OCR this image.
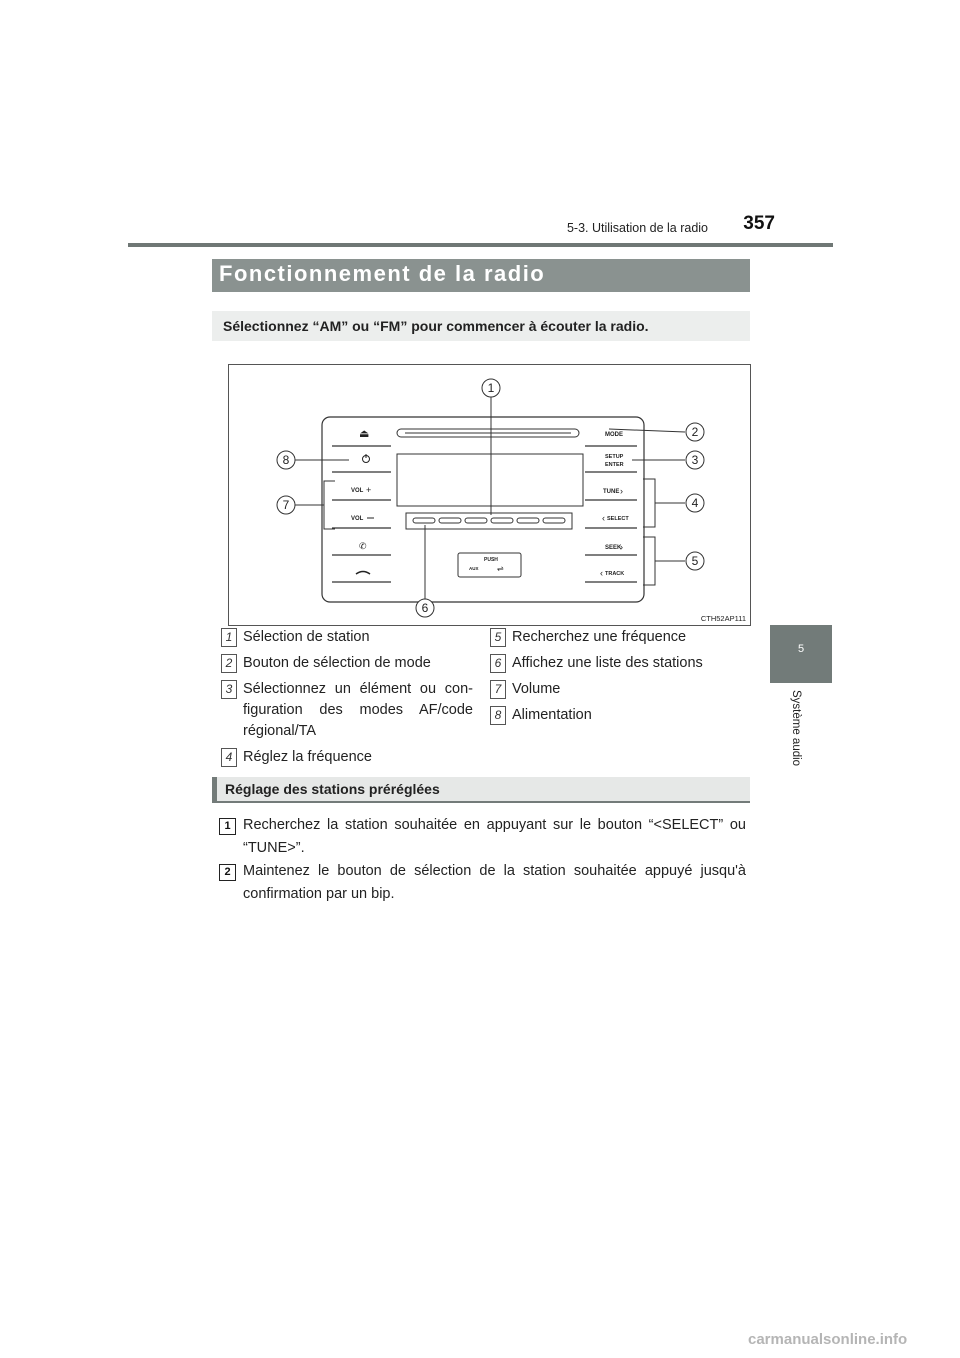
5-3. Utilisation de la radio	357
5
Système audio
Fonctionnement de la radio
Sélectionnez “AM” ou “FM” pour commencer à écouter la radio.
PUSH
AUX ⇌
⏏
VOL +
VOL
✆
MODE
SETUP
ENTER
TUNE ›
‹ SELECT
SEEK
›
‹ TRACK
1
2
3
4
5
6
7
8
CTH52AP111
1 Sélection de station
2 Bouton de sélection de mode
3 Sélectionnez un élément ou con-figuration des modes AF/code régional/TA
4 Réglez la fréquence
5 Recherchez une fréquence
6 Affichez une liste des stations
7 Volume
8 Alimentation
Réglage des stations préréglées
1 Recherchez la station souhaitée en appuyant sur le bouton “<SELECT” ou “TUNE>”.
2 Maintenez le bouton de sélection de la station souhaitée appuyé jusqu'à confirmation par un bip.
carmanualsonline.info
